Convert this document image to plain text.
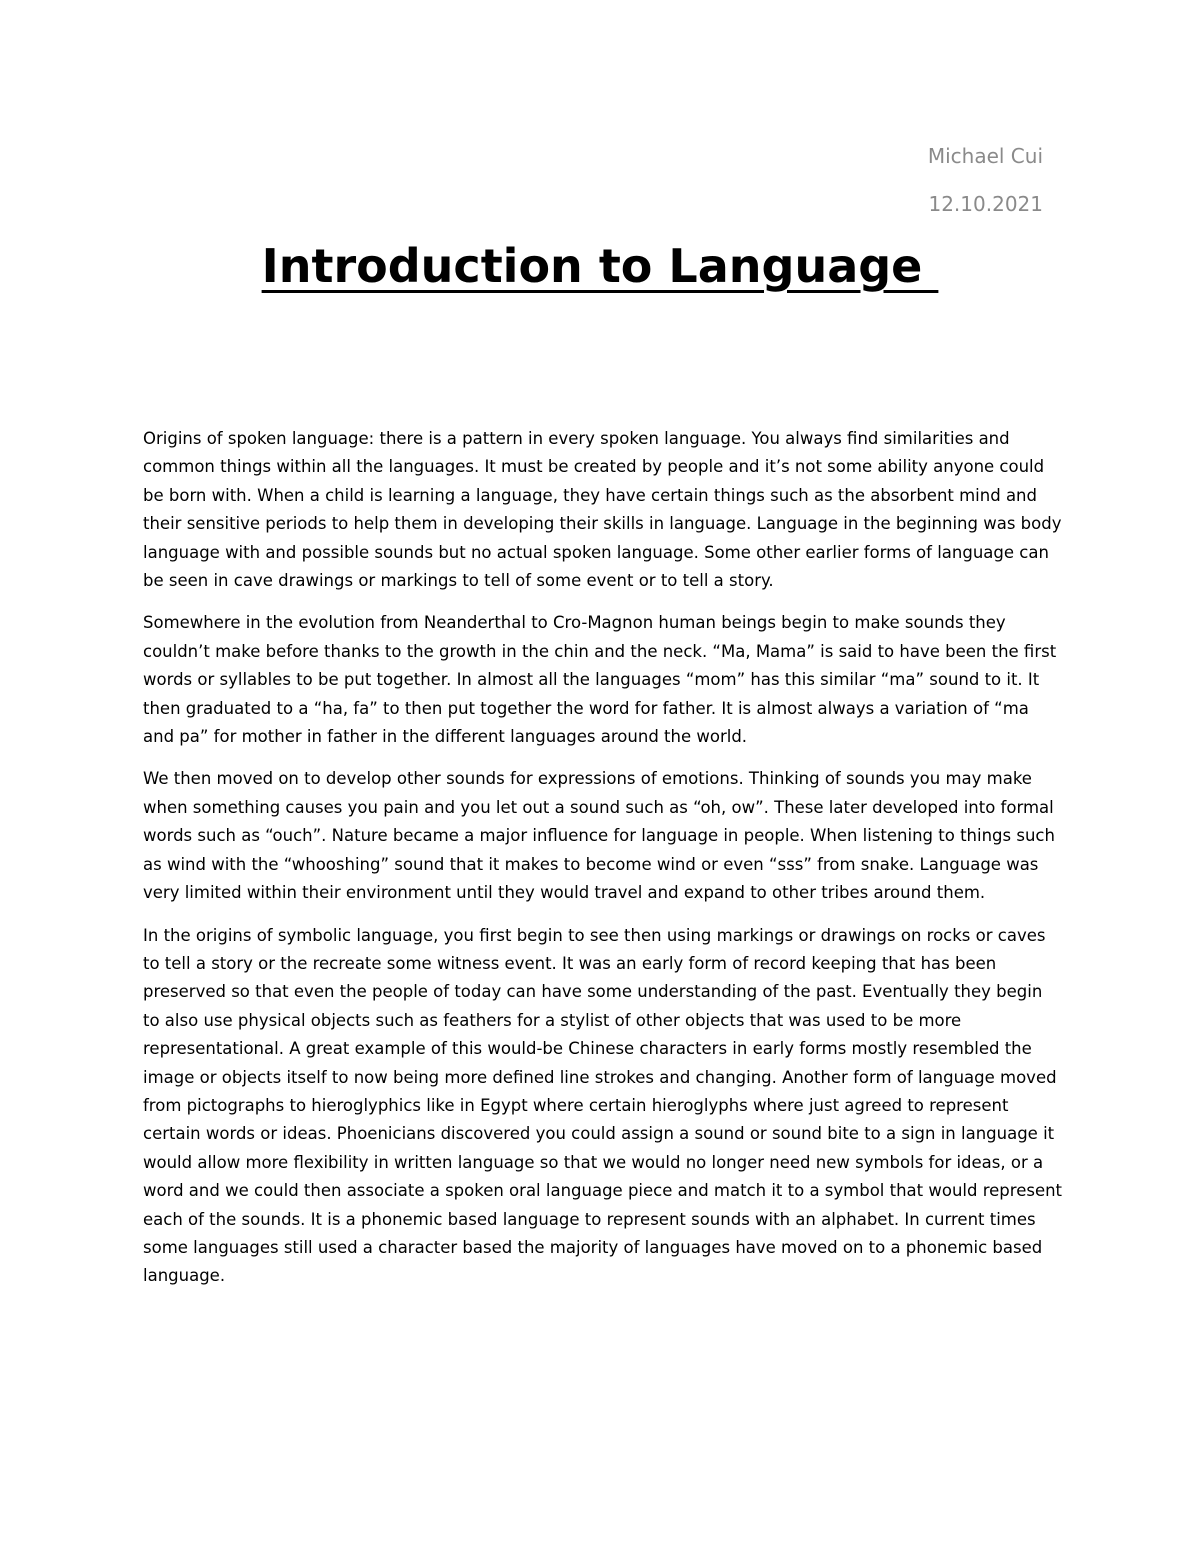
Michael Cui
12.10.2021
Introduction to Language

Origins of spoken language: there is a pattern in every spoken language. You always find similarities and common things within all the languages. It must be created by people and it’s not some ability anyone could be born with. When a child is learning a language, they have certain things such as the absorbent mind and their sensitive periods to help them in developing their skills in language. Language in the beginning was body language with and possible sounds but no actual spoken language. Some other earlier forms of language can be seen in cave drawings or markings to tell of some event or to tell a story.

Somewhere in the evolution from Neanderthal to Cro-Magnon human beings begin to make sounds they couldn’t make before thanks to the growth in the chin and the neck. “Ma, Mama” is said to have been the first words or syllables to be put together. In almost all the languages “mom” has this similar “ma” sound to it. It then graduated to a “ha, fa” to then put together the word for father. It is almost always a variation of “ma and pa” for mother in father in the different languages around the world.

We then moved on to develop other sounds for expressions of emotions. Thinking of sounds you may make when something causes you pain and you let out a sound such as “oh, ow”. These later developed into formal words such as “ouch”. Nature became a major influence for language in people. When listening to things such as wind with the “whooshing” sound that it makes to become wind or even “sss” from snake. Language was very limited within their environment until they would travel and expand to other tribes around them.

In the origins of symbolic language, you first begin to see then using markings or drawings on rocks or caves to tell a story or the recreate some witness event. It was an early form of record keeping that has been preserved so that even the people of today can have some understanding of the past. Eventually they begin to also use physical objects such as feathers for a stylist of other objects that was used to be more representational. A great example of this would-be Chinese characters in early forms mostly resembled the image or objects itself to now being more defined line strokes and changing. Another form of language moved from pictographs to hieroglyphics like in Egypt where certain hieroglyphs where just agreed to represent certain words or ideas. Phoenicians discovered you could assign a sound or sound bite to a sign in language it would allow more flexibility in written language so that we would no longer need new symbols for ideas, or a word and we could then associate a spoken oral language piece and match it to a symbol that would represent each of the sounds. It is a phonemic based language to represent sounds with an alphabet. In current times some languages still used a character based the majority of languages have moved on to a phonemic based language.
